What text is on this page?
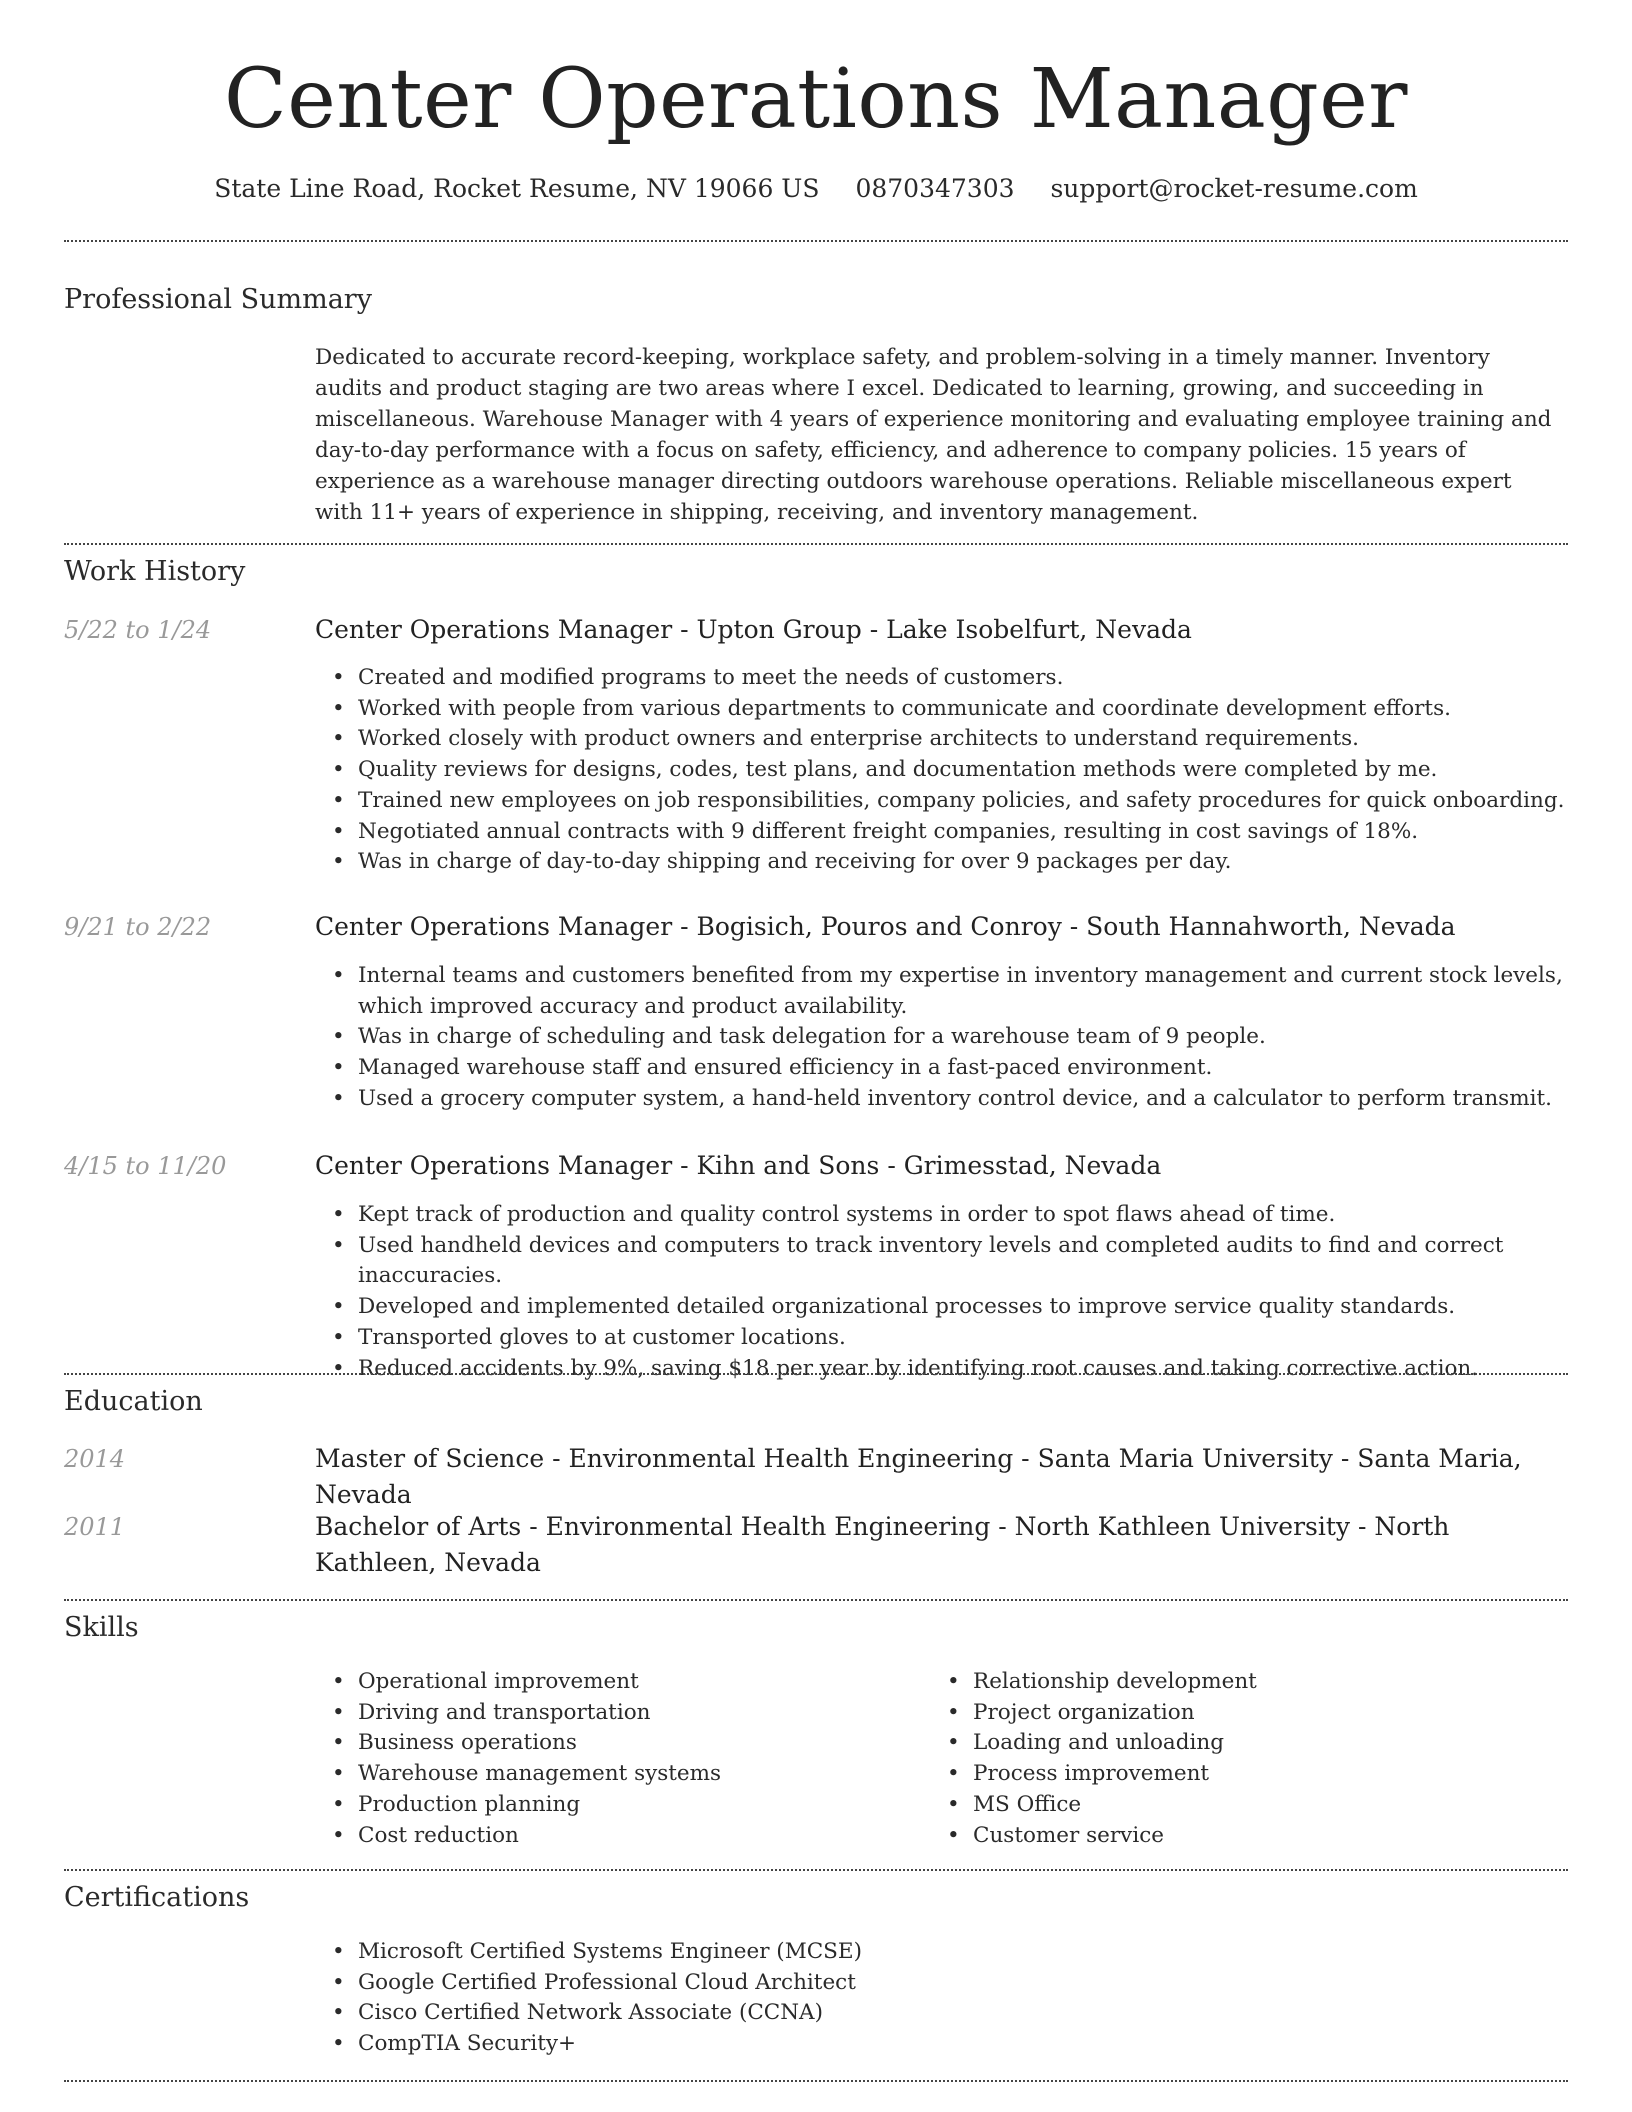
Center Operations Manager
State Line Road, Rocket Resume, NV 19066 US 0870347303 support@rocket-resume.com
Professional Summary
Dedicated to accurate record-keeping, workplace safety, and problem-solving in a timely manner. Inventory audits and product staging are two areas where I excel. Dedicated to learning, growing, and succeeding in miscellaneous. Warehouse Manager with 4 years of experience monitoring and evaluating employee training and day-to-day performance with a focus on safety, efficiency, and adherence to company policies. 15 years of experience as a warehouse manager directing outdoors warehouse operations. Reliable miscellaneous expert with 11+ years of experience in shipping, receiving, and inventory management.
Work History
5/22 to 1/24	Center Operations Manager - Upton Group - Lake Isobelfurt, Nevada
• Created and modified programs to meet the needs of customers.
• Worked with people from various departments to communicate and coordinate development efforts.
• Worked closely with product owners and enterprise architects to understand requirements.
• Quality reviews for designs, codes, test plans, and documentation methods were completed by me.
• Trained new employees on job responsibilities, company policies, and safety procedures for quick onboarding.
• Negotiated annual contracts with 9 different freight companies, resulting in cost savings of 18%.
• Was in charge of day-to-day shipping and receiving for over 9 packages per day.
9/21 to 2/22	Center Operations Manager - Bogisich, Pouros and Conroy - South Hannahworth, Nevada
• Internal teams and customers benefited from my expertise in inventory management and current stock levels, which improved accuracy and product availability.
• Was in charge of scheduling and task delegation for a warehouse team of 9 people.
• Managed warehouse staff and ensured efficiency in a fast-paced environment.
• Used a grocery computer system, a hand-held inventory control device, and a calculator to perform transmit.
4/15 to 11/20	Center Operations Manager - Kihn and Sons - Grimesstad, Nevada
• Kept track of production and quality control systems in order to spot flaws ahead of time.
• Used handheld devices and computers to track inventory levels and completed audits to find and correct inaccuracies.
• Developed and implemented detailed organizational processes to improve service quality standards.
• Transported gloves to at customer locations.
• Reduced accidents by 9%, saving $18 per year by identifying root causes and taking corrective action.
Education
2014	Master of Science - Environmental Health Engineering - Santa Maria University - Santa Maria, Nevada
2011	Bachelor of Arts - Environmental Health Engineering - North Kathleen University - North Kathleen, Nevada
Skills
• Operational improvement
• Driving and transportation
• Business operations
• Warehouse management systems
• Production planning
• Cost reduction
• Relationship development
• Project organization
• Loading and unloading
• Process improvement
• MS Office
• Customer service
Certifications
• Microsoft Certified Systems Engineer (MCSE)
• Google Certified Professional Cloud Architect
• Cisco Certified Network Associate (CCNA)
• CompTIA Security+
